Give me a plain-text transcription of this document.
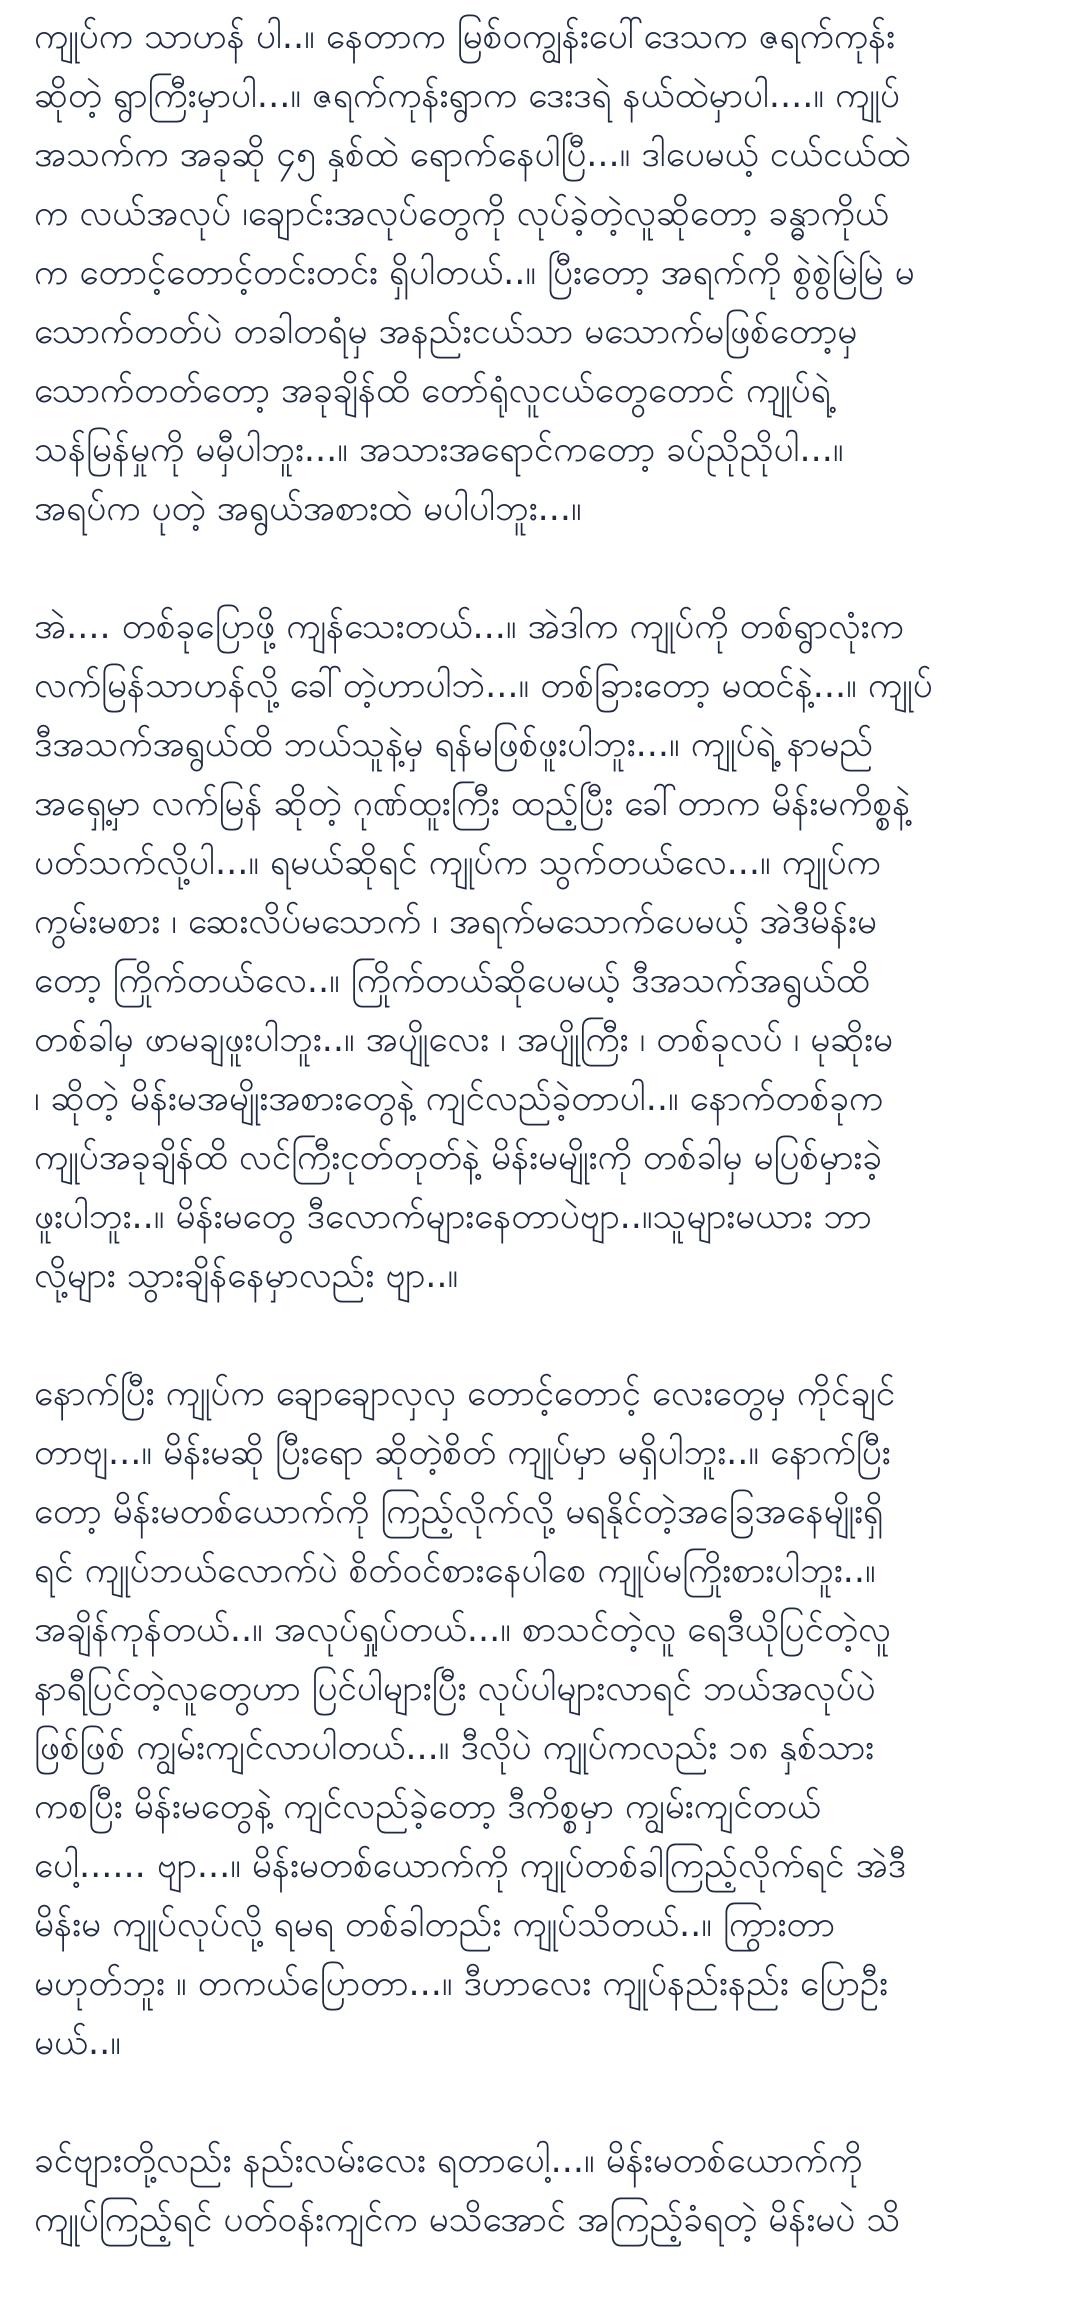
ကျုပ်က သာဟန် ပါ..။ နေတာက မြစ်ဝကျွန်းပေါ်ဒေသက ဇရက်ကုန်း
ဆိုတဲ့ ရွာကြီးမှာပါ...။ ဇရက်ကုန်းရွာက ဒေးဒရဲ နယ်ထဲမှာပါ....။ ကျုပ်
အသက်က အခုဆို ၄၅ နှစ်ထဲ ရောက်နေပါပြီ...။ ဒါပေမယ့် ငယ်ငယ်ထဲ
က လယ်အလုပ် ၊ချောင်းအလုပ်တွေကို လုပ်ခဲ့တဲ့လူဆိုတော့ ခန္ဓာကိုယ်
က တောင့်တောင့်တင်းတင်း ရှိပါတယ်..။ ပြီးတော့ အရက်ကို စွဲစွဲမြဲမြဲ မ
သောက်တတ်ပဲ တခါတရံမှ အနည်းငယ်သာ မသောက်မဖြစ်တော့မှ
သောက်တတ်တော့ အခုချိန်ထိ တော်ရုံလူငယ်တွေတောင် ကျုပ်ရဲ့
သန်မြန်မှုကို မမှီပါဘူး...။ အသားအရောင်ကတော့ ခပ်ညိုညိုပါ...။
အရပ်က ပုတဲ့ အရွယ်အစားထဲ မပါပါဘူး...။
အဲ.... တစ်ခုပြောဖို့ ကျန်သေးတယ်...။ အဲဒါက ကျုပ်ကို တစ်ရွာလုံးက
လက်မြန်သာဟန်လို့ ခေါ်တဲ့ဟာပါဘဲ...။ တစ်ခြားတော့ မထင်နဲ့...။ ကျုပ်
ဒီအသက်အရွယ်ထိ ဘယ်သူနဲ့မှ ရန်မဖြစ်ဖူးပါဘူး...။ ကျုပ်ရဲ့ နာမည်
အရှေ့မှာ လက်မြန် ဆိုတဲ့ ဂုဏ်ထူးကြီး ထည့်ပြီး ခေါ်တာက မိန်းမကိစ္စနဲ့
ပတ်သက်လို့ပါ...။ ရမယ်ဆိုရင် ကျုပ်က သွက်တယ်လေ...။ ကျုပ်က
ကွမ်းမစား ၊ ဆေးလိပ်မသောက် ၊ အရက်မသောက်ပေမယ့် အဲဒီမိန်းမ
တော့ ကြိုက်တယ်လေ..။ ကြိုက်တယ်ဆိုပေမယ့် ဒီအသက်အရွယ်ထိ
တစ်ခါမှ ဖာမချဖူးပါဘူး..။ အပျိုလေး ၊ အပျိုကြီး ၊ တစ်ခုလပ် ၊ မုဆိုးမ
၊ ဆိုတဲ့ မိန်းမအမျိုးအစားတွေနဲ့ ကျင်လည်ခဲ့တာပါ..။ နောက်တစ်ခုက
ကျုပ်အခုချိန်ထိ လင်ကြီးငုတ်တုတ်နဲ့ မိန်းမမျိုးကို တစ်ခါမှ မပြစ်မှားခဲ့
ဖူးပါဘူး..။ မိန်းမတွေ ဒီလောက်များနေတာပဲဗျာ..။သူများမယား ဘာ
လို့များ သွားချိန်နေမှာလည်း ဗျာ..။
နောက်ပြီး ကျုပ်က ချောချောလှလှ တောင့်တောင့် လေးတွေမှ ကိုင်ချင်
တာဗျ...။ မိန်းမဆို ပြီးရော ဆိုတဲ့စိတ် ကျုပ်မှာ မရှိပါဘူး..။ နောက်ပြီး
တော့ မိန်းမတစ်ယောက်ကို ကြည့်လိုက်လို့ မရနိုင်တဲ့အခြေအနေမျိုးရှိ
ရင် ကျုပ်ဘယ်လောက်ပဲ စိတ်ဝင်စားနေပါစေ ကျုပ်မကြိုးစားပါဘူး..။
အချိန်ကုန်တယ်..။ အလုပ်ရှုပ်တယ်...။ စာသင်တဲ့လူ ရေဒီယိုပြင်တဲ့လူ
နာရီပြင်တဲ့လူတွေဟာ ပြင်ပါများပြီး လုပ်ပါများလာရင် ဘယ်အလုပ်ပဲ
ဖြစ်ဖြစ် ကျွမ်းကျင်လာပါတယ်...။ ဒီလိုပဲ ကျုပ်ကလည်း ၁၈ နှစ်သား
ကစပြီး မိန်းမတွေနဲ့ ကျင်လည်ခဲ့တော့ ဒီကိစ္စမှာ ကျွမ်းကျင်တယ်
ပေါ့...... ဗျာ...။ မိန်းမတစ်ယောက်ကို ကျုပ်တစ်ခါကြည့်လိုက်ရင် အဲဒီ
မိန်းမ ကျုပ်လုပ်လို့ ရမရ တစ်ခါတည်း ကျုပ်သိတယ်..။ ကြွားတာ
မဟုတ်ဘူး ။ တကယ်ပြောတာ...။ ဒီဟာလေး ကျုပ်နည်းနည်း ပြောဦး
မယ်..။
ခင်ဗျားတို့လည်း နည်းလမ်းလေး ရတာပေါ့...။ မိန်းမတစ်ယောက်ကို
ကျုပ်ကြည့်ရင် ပတ်ဝန်းကျင်က မသိအောင် အကြည့်ခံရတဲ့ မိန်းမပဲ သိ
